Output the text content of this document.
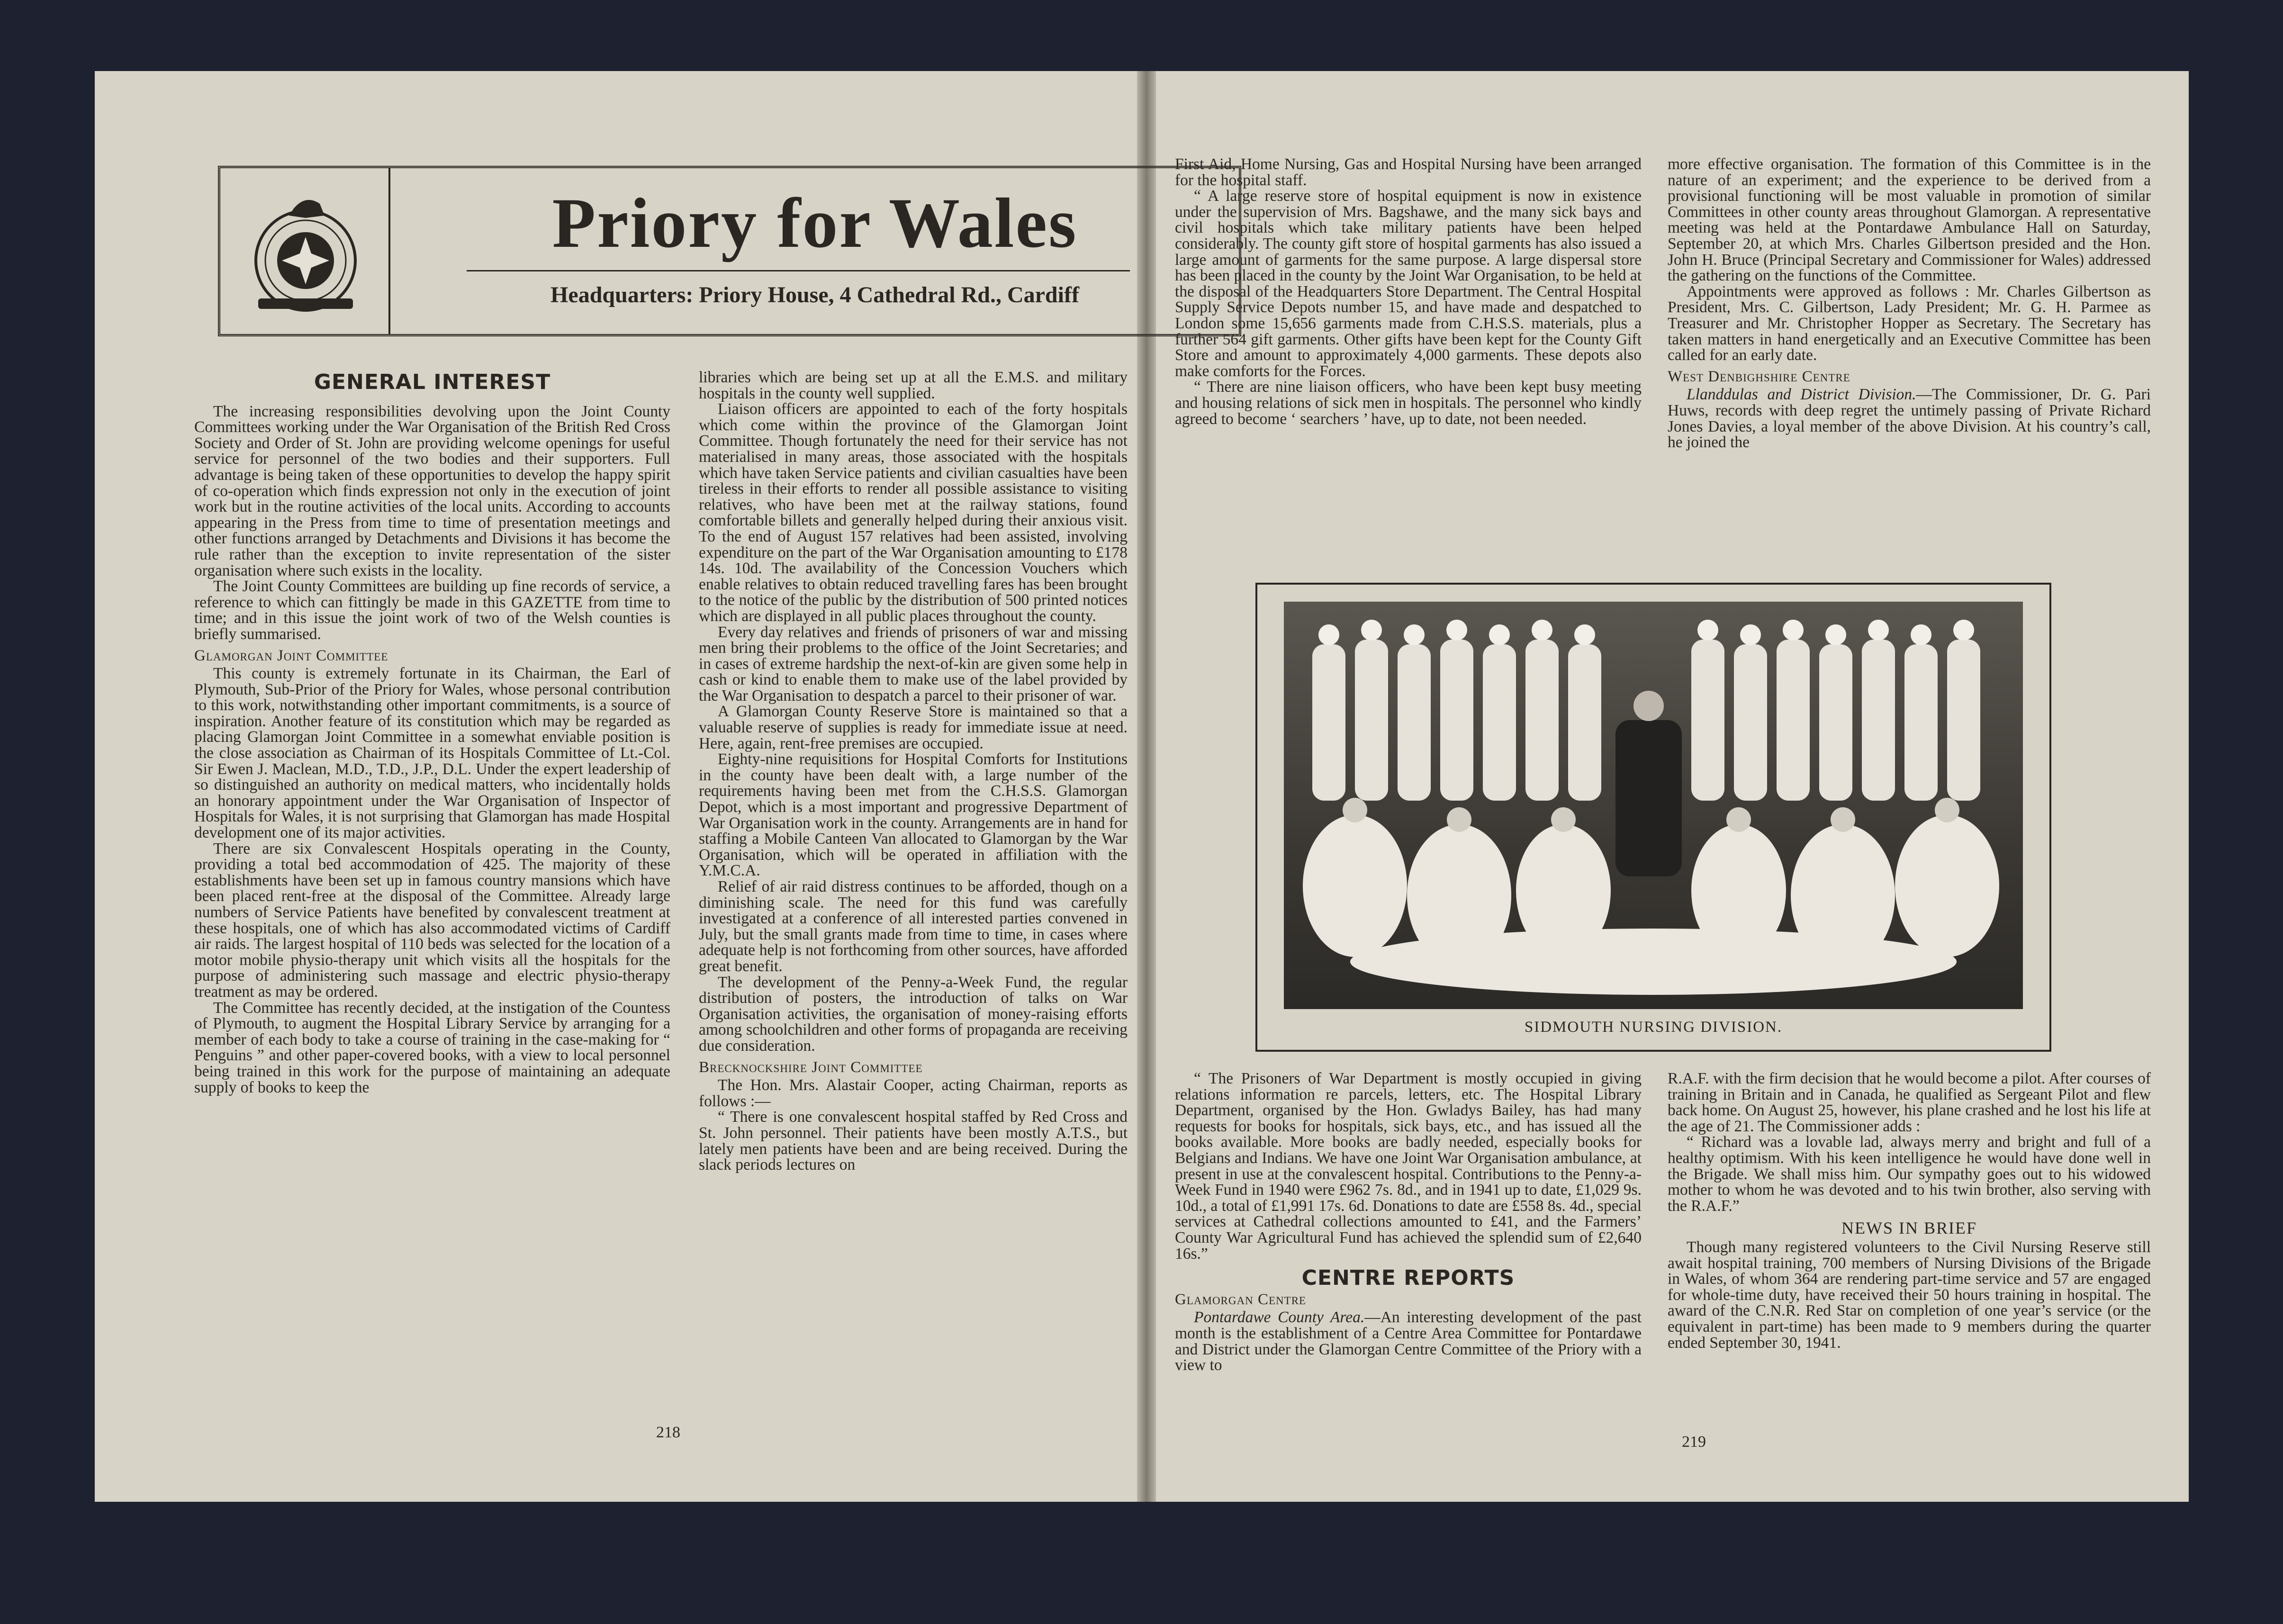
GENERAL INTEREST

The increasing responsibilities devolving upon the Joint County Committees working under the War Organisation of the British Red Cross Society and Order of St. John are providing welcome openings for useful service for personnel of the two bodies and their supporters. Full advantage is being taken of these opportunities to develop the happy spirit of co-operation which finds expression not only in the execution of joint work but in the routine activities of the local units. According to accounts appearing in the Press from time to time of presentation meetings and other functions arranged by Detachments and Divisions it has become the rule rather than the exception to invite representation of the sister organisation where such exists in the locality.

The Joint County Committees are building up fine records of service, a reference to which can fittingly be made in this GAZETTE from time to time; and in this issue the joint work of two of the Welsh counties is briefly summarised.

Glamorgan Joint Committee

This county is extremely fortunate in its Chairman, the Earl of Plymouth, Sub-Prior of the Priory for Wales, whose personal contribution to this work, notwithstanding other important commitments, is a source of inspiration. Another feature of its constitution which may be regarded as placing Glamorgan Joint Committee in a somewhat enviable position is the close association as Chairman of its Hospitals Committee of Lt.-Col. Sir Ewen J. Maclean, M.D., T.D., J.P., D.L. Under the expert leadership of so distinguished an authority on medical matters, who incidentally holds an honorary appointment under the War Organisation of Inspector of Hospitals for Wales, it is not surprising that Glamorgan has made Hospital development one of its major activities.

There are six Convalescent Hospitals operating in the County, providing a total bed accommodation of 425. The majority of these establishments have been set up in famous country mansions which have been placed rent-free at the disposal of the Committee. Already large numbers of Service Patients have benefited by convalescent treatment at these hospitals, one of which has also accommodated victims of Cardiff air raids. The largest hospital of 110 beds was selected for the location of a motor mobile physio-therapy unit which visits all the hospitals for the purpose of administering such massage and electric physio-therapy treatment as may be ordered.

The Committee has recently decided, at the instigation of the Countess of Plymouth, to augment the Hospital Library Service by arranging for a member of each body to take a course of training in the case-making for “ Penguins ” and other paper-covered books, with a view to local personnel being trained in this work for the purpose of maintaining an adequate supply of books to keep the

libraries which are being set up at all the E.M.S. and military hospitals in the county well supplied.

Liaison officers are appointed to each of the forty hospitals which come within the province of the Glamorgan Joint Committee. Though fortunately the need for their service has not materialised in many areas, those associated with the hospitals which have taken Service patients and civilian casualties have been tireless in their efforts to render all possible assistance to visiting relatives, who have been met at the railway stations, found comfortable billets and generally helped during their anxious visit. To the end of August 157 relatives had been assisted, involving expenditure on the part of the War Organisation amounting to £178 14s. 10d. The availability of the Concession Vouchers which enable relatives to obtain reduced travelling fares has been brought to the notice of the public by the distribution of 500 printed notices which are displayed in all public places throughout the county.

Every day relatives and friends of prisoners of war and missing men bring their problems to the office of the Joint Secretaries; and in cases of extreme hardship the next-of-kin are given some help in cash or kind to enable them to make use of the label provided by the War Organisation to despatch a parcel to their prisoner of war.

A Glamorgan County Reserve Store is maintained so that a valuable reserve of supplies is ready for immediate issue at need. Here, again, rent-free premises are occupied.

Eighty-nine requisitions for Hospital Comforts for Institutions in the county have been dealt with, a large number of the requirements having been met from the C.H.S.S. Glamorgan Depot, which is a most important and progressive Department of War Organisation work in the county. Arrangements are in hand for staffing a Mobile Canteen Van allocated to Glamorgan by the War Organisation, which will be operated in affiliation with the Y.M.C.A.

Relief of air raid distress continues to be afforded, though on a diminishing scale. The need for this fund was carefully investigated at a conference of all interested parties convened in July, but the small grants made from time to time, in cases where adequate help is not forthcoming from other sources, have afforded great benefit.

The development of the Penny-a-Week Fund, the regular distribution of posters, the introduction of talks on War Organisation activities, the organisation of money-raising efforts among schoolchildren and other forms of propaganda are receiving due consideration.

Brecknockshire Joint Committee

The Hon. Mrs. Alastair Cooper, acting Chairman, reports as follows :—

“ There is one convalescent hospital staffed by Red Cross and St. John personnel. Their patients have been mostly A.T.S., but lately men patients have been and are being received. During the slack periods lectures on

218

First Aid, Home Nursing, Gas and Hospital Nursing have been arranged for the hospital staff.

“ A large reserve store of hospital equipment is now in existence under the supervision of Mrs. Bagshawe, and the many sick bays and civil hospitals which take military patients have been helped considerably. The county gift store of hospital garments has also issued a large amount of garments for the same purpose. A large dispersal store has been placed in the county by the Joint War Organisation, to be held at the disposal of the Headquarters Store Department. The Central Hospital Supply Service Depots number 15, and have made and despatched to London some 15,656 garments made from C.H.S.S. materials, plus a further 564 gift garments. Other gifts have been kept for the County Gift Store and amount to approximately 4,000 garments. These depots also make comforts for the Forces.

“ There are nine liaison officers, who have been kept busy meeting and housing relations of sick men in hospitals. The personnel who kindly agreed to become ‘ searchers ’ have, up to date, not been needed.

more effective organisation. The formation of this Committee is in the nature of an experiment; and the experience to be derived from a provisional functioning will be most valuable in promotion of similar Committees in other county areas throughout Glamorgan. A representative meeting was held at the Pontardawe Ambulance Hall on Saturday, September 20, at which Mrs. Charles Gilbertson presided and the Hon. John H. Bruce (Principal Secretary and Commissioner for Wales) addressed the gathering on the functions of the Committee.

Appointments were approved as follows : Mr. Charles Gilbertson as President, Mrs. C. Gilbertson, Lady President; Mr. G. H. Parmee as Treasurer and Mr. Christopher Hopper as Secretary. The Secretary has taken matters in hand energetically and an Executive Committee has been called for an early date.

West Denbighshire Centre

Llanddulas and District Division.—The Commissioner, Dr. G. Pari Huws, records with deep regret the untimely passing of Private Richard Jones Davies, a loyal member of the above Division. At his country’s call, he joined the

SIDMOUTH NURSING DIVISION.

“ The Prisoners of War Department is mostly occupied in giving relations information re parcels, letters, etc. The Hospital Library Department, organised by the Hon. Gwladys Bailey, has had many requests for books for hospitals, sick bays, etc., and has issued all the books available. More books are badly needed, especially books for Belgians and Indians. We have one Joint War Organisation ambulance, at present in use at the convalescent hospital. Contributions to the Penny-a-Week Fund in 1940 were £962 7s. 8d., and in 1941 up to date, £1,029 9s. 10d., a total of £1,991 17s. 6d. Donations to date are £558 8s. 4d., special services at Cathedral collections amounted to £41, and the Farmers’ County War Agricultural Fund has achieved the splendid sum of £2,640 16s.”

CENTRE REPORTS
Glamorgan Centre

Pontardawe County Area.—An interesting development of the past month is the establishment of a Centre Area Committee for Pontardawe and District under the Glamorgan Centre Committee of the Priory with a view to

R.A.F. with the firm decision that he would become a pilot. After courses of training in Britain and in Canada, he qualified as Sergeant Pilot and flew back home. On August 25, however, his plane crashed and he lost his life at the age of 21. The Commissioner adds :

“ Richard was a lovable lad, always merry and bright and full of a healthy optimism. With his keen intelligence he would have done well in the Brigade. We shall miss him. Our sympathy goes out to his widowed mother to whom he was devoted and to his twin brother, also serving with the R.A.F.”

NEWS IN BRIEF

Though many registered volunteers to the Civil Nursing Reserve still await hospital training, 700 members of Nursing Divisions of the Brigade in Wales, of whom 364 are rendering part-time service and 57 are engaged for whole-time duty, have received their 50 hours training in hospital. The award of the C.N.R. Red Star on completion of one year’s service (or the equivalent in part-time) has been made to 9 members during the quarter ended September 30, 1941.

219
Priory for Wales
Headquarters: Priory House, 4 Cathedral Rd., Cardiff
